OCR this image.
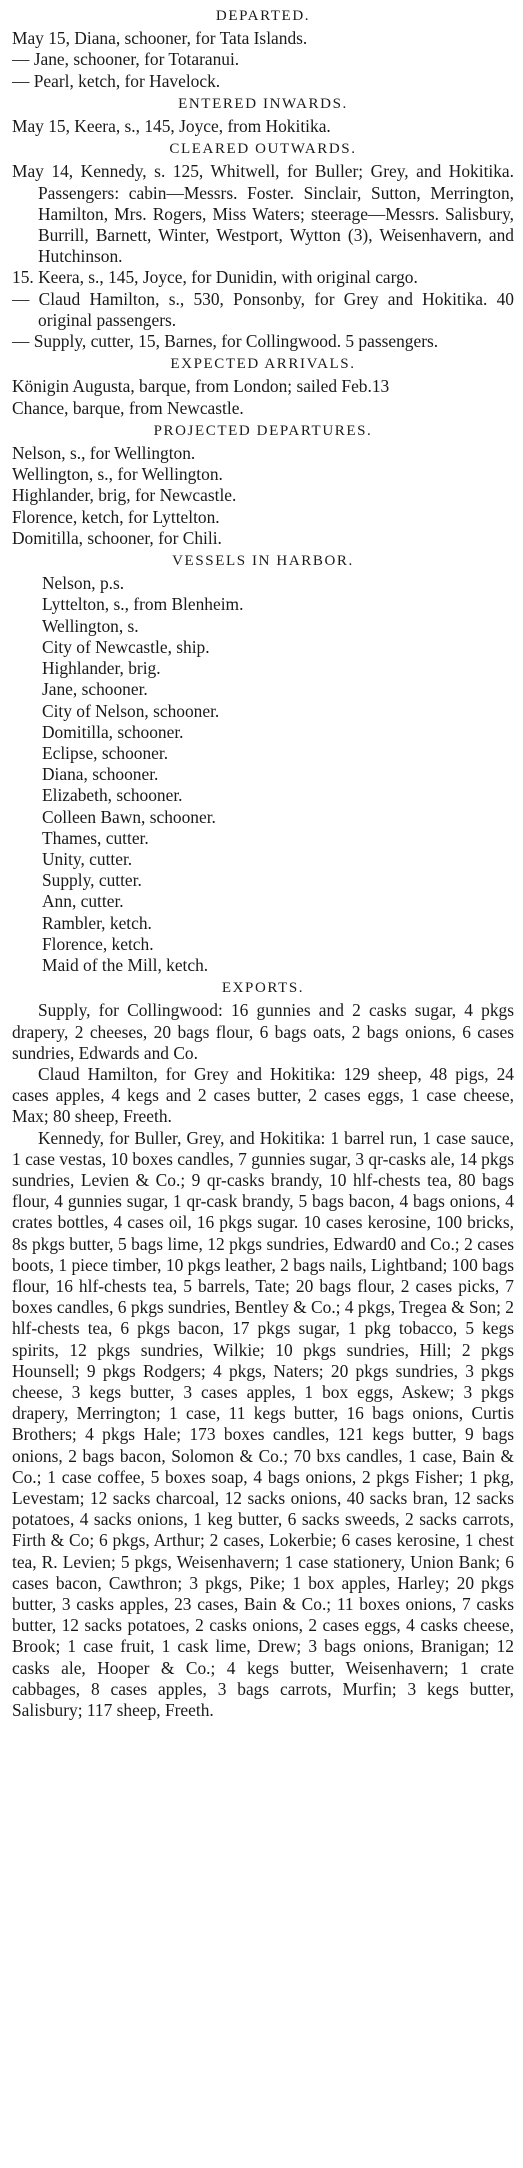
DEPARTED.
May 15, Diana, schooner, for Tata Islands.
— Jane, schooner, for Totaranui.
— Pearl, ketch, for Havelock.
ENTERED INWARDS.
May 15, Keera, s., 145, Joyce, from Hokitika.
CLEARED OUTWARDS.
May 14, Kennedy, s. 125, Whitwell, for Buller; Grey, and Hokitika. Passengers: cabin—Messrs. Foster. Sinclair, Sutton, Merrington, Hamilton, Mrs. Rogers, Miss Waters; steerage—Messrs. Salisbury, Burrill, Barnett, Winter, Westport, Wytton (3), Weisenhavern, and Hutchinson.
15. Keera, s., 145, Joyce, for Dunidin, with original cargo.
— Claud Hamilton, s., 530, Ponsonby, for Grey and Hokitika. 40 original passengers.
— Supply, cutter, 15, Barnes, for Collingwood. 5 passengers.
EXPECTED ARRIVALS.
Königin Augusta, barque, from London; sailed Feb.13
Chance, barque, from Newcastle.
PROJECTED DEPARTURES.
Nelson, s., for Wellington.
Wellington, s., for Wellington.
Highlander, brig, for Newcastle.
Florence, ketch, for Lyttelton.
Domitilla, schooner, for Chili.
VESSELS IN HARBOR.
Nelson, p.s.
Lyttelton, s., from Blenheim.
Wellington, s.
City of Newcastle, ship.
Highlander, brig.
Jane, schooner.
City of Nelson, schooner.
Domitilla, schooner.
Eclipse, schooner.
Diana, schooner.
Elizabeth, schooner.
Colleen Bawn, schooner.
Thames, cutter.
Unity, cutter.
Supply, cutter.
Ann, cutter.
Rambler, ketch.
Florence, ketch.
Maid of the Mill, ketch.
EXPORTS.
Supply, for Collingwood: 16 gunnies and 2 casks sugar, 4 pkgs drapery, 2 cheeses, 20 bags flour, 6 bags oats, 2 bags onions, 6 cases sundries, Edwards and Co.
Claud Hamilton, for Grey and Hokitika: 129 sheep, 48 pigs, 24 cases apples, 4 kegs and 2 cases butter, 2 cases eggs, 1 case cheese, Max; 80 sheep, Freeth.
Kennedy, for Buller, Grey, and Hokitika: 1 barrel run, 1 case sauce, 1 case vestas, 10 boxes candles, 7 gunnies sugar, 3 qr-casks ale, 14 pkgs sundries, Levien & Co.; 9 qr-casks brandy, 10 hlf-chests tea, 80 bags flour, 4 gunnies sugar, 1 qr-cask brandy, 5 bags bacon, 4 bags onions, 4 crates bottles, 4 cases oil, 16 pkgs sugar. 10 cases kerosine, 100 bricks, 8s pkgs butter, 5 bags lime, 12 pkgs sundries, Edward0 and Co.; 2 cases boots, 1 piece timber, 10 pkgs leather, 2 bags nails, Lightband; 100 bags flour, 16 hlf-chests tea, 5 barrels, Tate; 20 bags flour, 2 cases picks, 7 boxes candles, 6 pkgs sundries, Bentley & Co.; 4 pkgs, Tregea & Son; 2 hlf-chests tea, 6 pkgs bacon, 17 pkgs sugar, 1 pkg tobacco, 5 kegs spirits, 12 pkgs sundries, Wilkie; 10 pkgs sundries, Hill; 2 pkgs Hounsell; 9 pkgs Rodgers; 4 pkgs, Naters; 20 pkgs sundries, 3 pkgs cheese, 3 kegs butter, 3 cases apples, 1 box eggs, Askew; 3 pkgs drapery, Merrington; 1 case, 11 kegs butter, 16 bags onions, Curtis Brothers; 4 pkgs Hale; 173 boxes candles, 121 kegs butter, 9 bags onions, 2 bags bacon, Solomon & Co.; 70 bxs candles, 1 case, Bain & Co.; 1 case coffee, 5 boxes soap, 4 bags onions, 2 pkgs Fisher; 1 pkg, Levestam; 12 sacks charcoal, 12 sacks onions, 40 sacks bran, 12 sacks potatoes, 4 sacks onions, 1 keg butter, 6 sacks sweeds, 2 sacks carrots, Firth & Co; 6 pkgs, Arthur; 2 cases, Lokerbie; 6 cases kerosine, 1 chest tea, R. Levien; 5 pkgs, Weisenhavern; 1 case stationery, Union Bank; 6 cases bacon, Cawthron; 3 pkgs, Pike; 1 box apples, Harley; 20 pkgs butter, 3 casks apples, 23 cases, Bain & Co.; 11 boxes onions, 7 casks butter, 12 sacks potatoes, 2 casks onions, 2 cases eggs, 4 casks cheese, Brook; 1 case fruit, 1 cask lime, Drew; 3 bags onions, Branigan; 12 casks ale, Hooper & Co.; 4 kegs butter, Weisenhavern; 1 crate cabbages, 8 cases apples, 3 bags carrots, Murfin; 3 kegs butter, Salisbury; 117 sheep, Freeth.
